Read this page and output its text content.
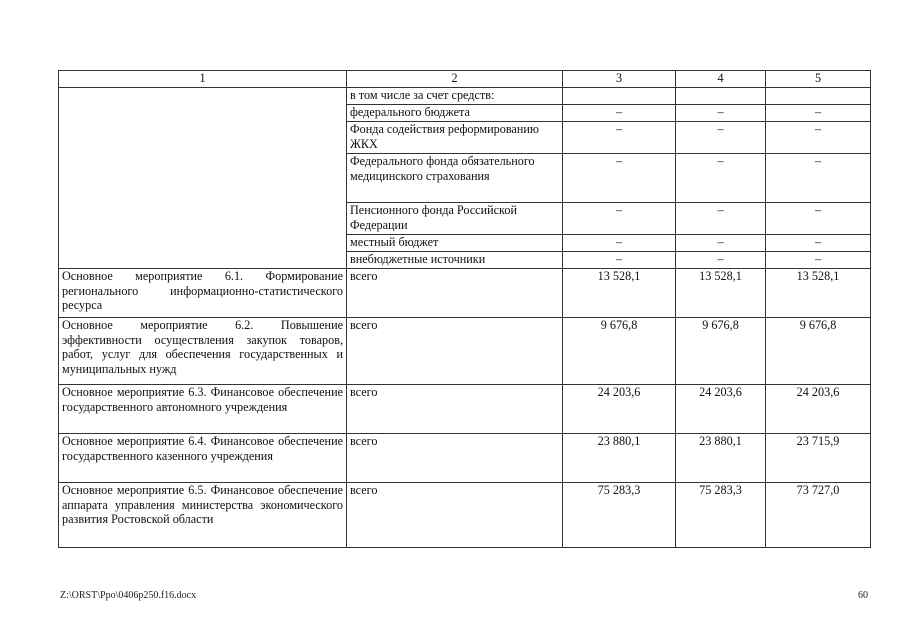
1	2	3	4	5
	в том числе за счет средств:			
	федерального бюджета	–	–	–
	Фонда содействия реформированию ЖКХ	–	–	–
	Федерального фонда обязательного медицинского страхования	–	–	–
	Пенсионного фонда Российской Федерации	–	–	–
	местный бюджет	–	–	–
	внебюджетные источники	–	–	–
Основное мероприятие 6.1. Формирование регионального информационно-статистического ресурса	всего	13 528,1	13 528,1	13 528,1
Основное мероприятие 6.2. Повышение эффективности осуществления закупок товаров, работ, услуг для обеспечения государственных и муниципальных нужд	всего	9 676,8	9 676,8	9 676,8
Основное мероприятие 6.3. Финансовое обеспечение государственного автономного учреждения	всего	24 203,6	24 203,6	24 203,6
Основное мероприятие 6.4. Финансовое обеспечение государственного казенного учреждения	всего	23 880,1	23 880,1	23 715,9
Основное мероприятие 6.5. Финансовое обеспечение аппарата управления министерства экономического развития Ростовской области	всего	75 283,3	75 283,3	73 727,0
Z:\ORST\Ppo\0406p250.f16.docx	60
